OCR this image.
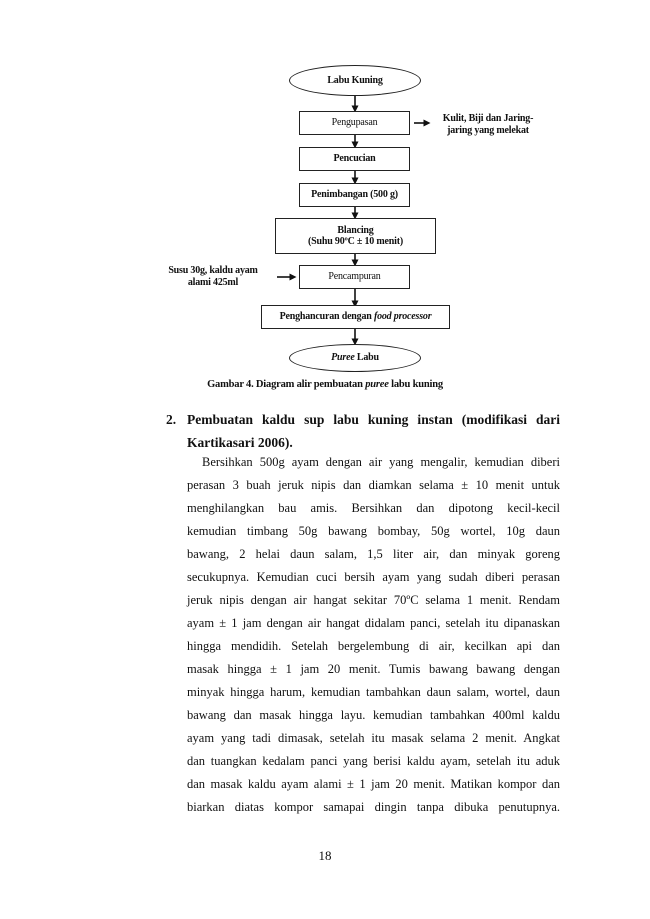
Labu Kuning
Pengupasan	Kulit, Biji dan Jaring-
jaring yang melekat
Pencucian
Penimbangan (500 g)
Blancing
(Suhu 90ºC ± 10 menit)
Susu 30g, kaldu ayam
alami 425ml
Pencampuran
Penghancuran dengan food processor
Puree Labu
Gambar 4. Diagram alir pembuatan puree labu kuning
2. Pembuatan kaldu sup labu kuning instan (modifikasi dari
Kartikasari 2006).
Bersihkan 500g ayam dengan air yang mengalir, kemudian diberi
perasan 3 buah jeruk nipis dan diamkan selama ± 10 menit untuk
menghilangkan bau amis. Bersihkan dan dipotong kecil-kecil
kemudian timbang 50g bawang bombay, 50g wortel, 10g daun
bawang, 2 helai daun salam, 1,5 liter air, dan minyak goreng
secukupnya. Kemudian cuci bersih ayam yang sudah diberi perasan
jeruk nipis dengan air hangat sekitar 70ºC selama 1 menit. Rendam
ayam ± 1 jam dengan air hangat didalam panci, setelah itu dipanaskan
hingga mendidih. Setelah bergelembung di air, kecilkan api dan
masak hingga ± 1 jam 20 menit. Tumis bawang bawang dengan
minyak hingga harum, kemudian tambahkan daun salam, wortel, daun
bawang dan masak hingga layu. kemudian tambahkan 400ml kaldu
ayam yang tadi dimasak, setelah itu masak selama 2 menit. Angkat
dan tuangkan kedalam panci yang berisi kaldu ayam, setelah itu aduk
dan masak kaldu ayam alami ± 1 jam 20 menit. Matikan kompor dan
biarkan diatas kompor samapai dingin tanpa dibuka penutupnya.
18
